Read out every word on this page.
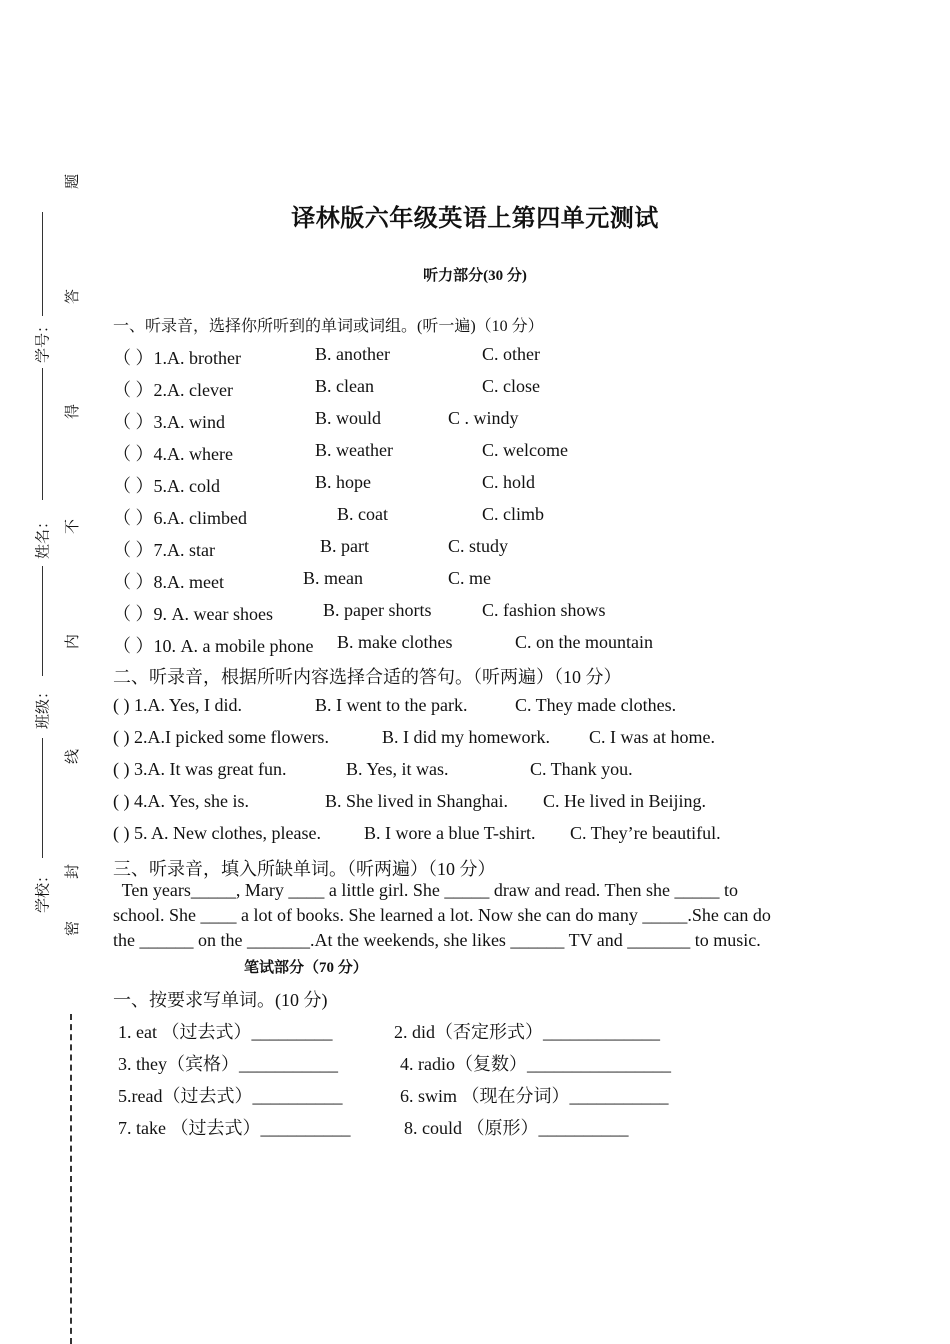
题
答
得
不
内
线
封
密
学号：
姓名：
班级：
学校：
译林版六年级英语上第四单元测试
听力部分(30 分)
一、听录音，选择你所听到的单词或词组。(听一遍)（10 分）
（ ）1.A. brother	B. another	C. other
（ ）2.A. clever	B. clean	C. close
（ ）3.A. wind	B. would	C . windy
（ ）4.A. where	B. weather	C. welcome
（ ）5.A. cold	B. hope	C. hold
（ ）6.A. climbed	B. coat	C. climb
（ ）7.A. star	B. part	C. study
（ ）8.A. meet	B. mean	C. me
（ ）9. A. wear shoes	B. paper shorts	C. fashion shows
（ ）10. A. a mobile phone B. make clothes	C. on the mountain
二、听录音，根据所听内容选择合适的答句。（听两遍）（10 分）
( ) 1.A. Yes, I did.	B. I went to the park.	C. They made clothes.
( ) 2.A.I picked some flowers.	B. I did my homework. C. I was at home.
( ) 3.A. It was great fun.	B. Yes, it was.	C. Thank you.
( ) 4.A. Yes, she is.	B. She lived in Shanghai. C. He lived in Beijing.
( ) 5. A. New clothes, please. B. I wore a blue T-shirt. C. They’re beautiful.
三、听录音，填入所缺单词。（听两遍）（10 分）
Ten years_____, Mary ____ a little girl. She _____ draw and read. Then she _____ to
school. She ____ a lot of books. She learned a lot. Now she can do many _____.She can do
the ______ on the _______.At the weekends, she likes ______ TV and _______ to music.
笔试部分（70 分）
一、按要求写单词。(10 分)
1. eat （过去式）_________	2. did（否定形式）_____________
3. they（宾格）___________	4. radio（复数）________________
5.read（过去式）__________	6. swim （现在分词）___________
7. take （过去式）__________	8. could （原形）__________
